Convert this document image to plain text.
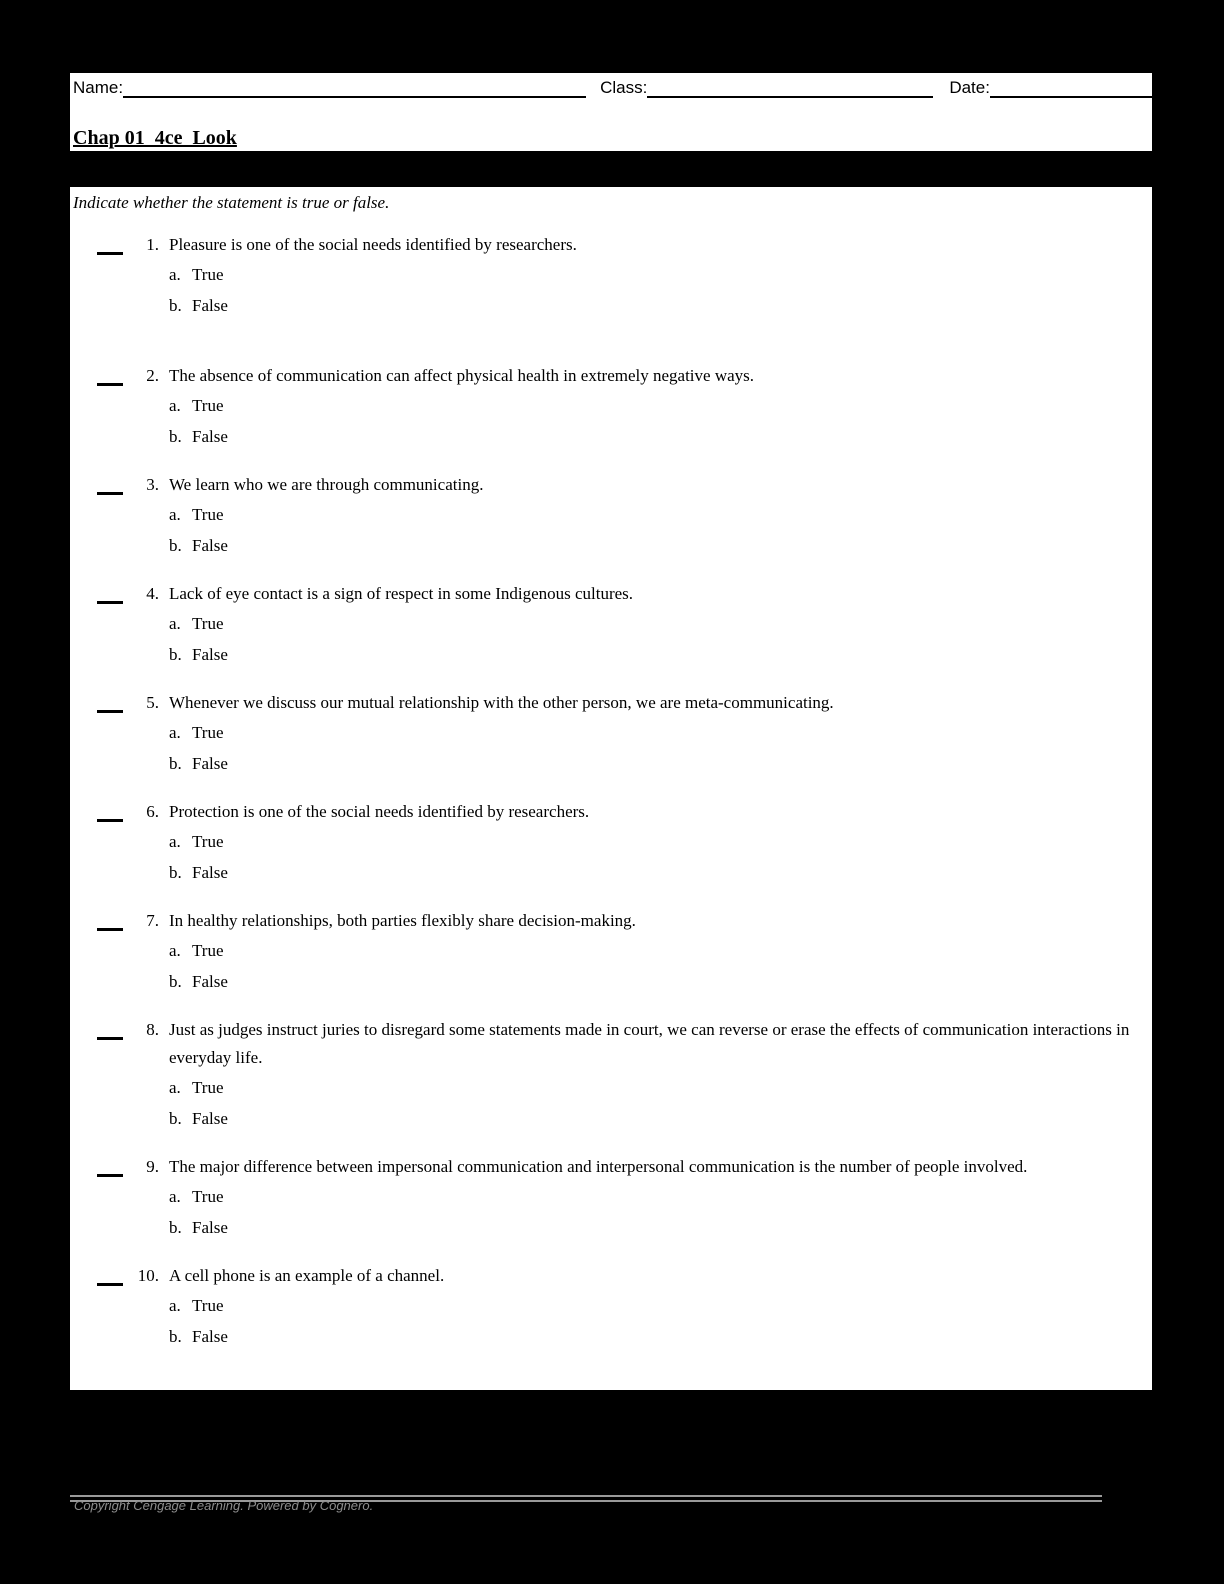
Name:	Class:	Date:
Chap 01_4ce_Look
Indicate whether the statement is true or false.
1. Pleasure is one of the social needs identified by researchers.
a. True
b. False
2. The absence of communication can affect physical health in extremely negative ways.
a. True
b. False
3. We learn who we are through communicating.
a. True
b. False
4. Lack of eye contact is a sign of respect in some Indigenous cultures.
a. True
b. False
5. Whenever we discuss our mutual relationship with the other person, we are meta-communicating.
a. True
b. False
6. Protection is one of the social needs identified by researchers.
a. True
b. False
7. In healthy relationships, both parties flexibly share decision-making.
a. True
b. False
8. Just as judges instruct juries to disregard some statements made in court, we can reverse or erase the effects of communication interactions in everyday life.
a. True
b. False
9. The major difference between impersonal communication and interpersonal communication is the number of people involved.
a. True
b. False
10. A cell phone is an example of a channel.
a. True
b. False
Copyright Cengage Learning. Powered by Cognero.
